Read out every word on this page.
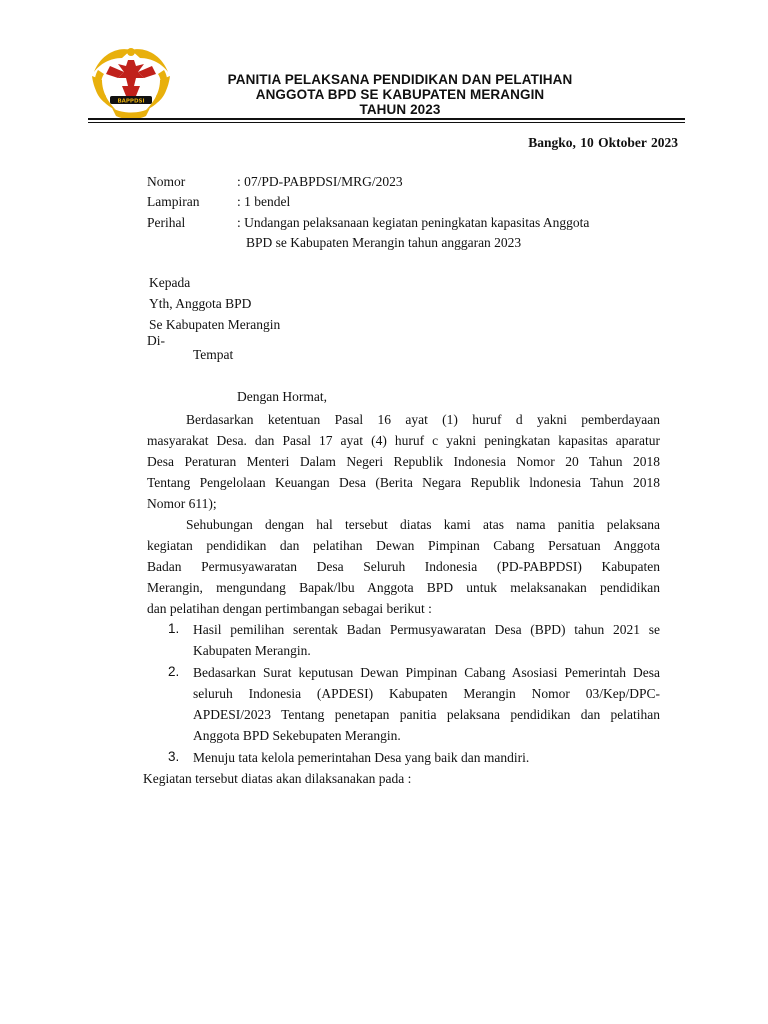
BAPPDSI
PANITIA PELAKSANA PENDIDIKAN DAN PELATIHAN
ANGGOTA BPD SE KABUPATEN MERANGIN
TAHUN 2023
Bangko, 10 Oktober 2023
Nomor	: 07/PD-PABPDSI/MRG/2023
Lampiran	: 1 bendel
Perihal	: Undangan pelaksanaan kegiatan peningkatan kapasitas Anggota
BPD se Kabupaten Merangin tahun anggaran 2023
Kepada
Yth, Anggota BPD
Se Kabupaten Merangin
Di-
Tempat
Dengan Hormat,
Berdasarkan ketentuan Pasal 16 ayat (1) huruf d yakni pemberdayaan
masyarakat Desa. dan Pasal 17 ayat (4) huruf c yakni peningkatan kapasitas aparatur
Desa Peraturan Menteri Dalam Negeri Republik Indonesia Nomor 20 Tahun 2018
Tentang Pengelolaan Keuangan Desa (Berita Negara Republik lndonesia Tahun 2018
Nomor 611);
Sehubungan dengan hal tersebut diatas kami atas nama panitia pelaksana
kegiatan pendidikan dan pelatihan Dewan Pimpinan Cabang Persatuan Anggota
Badan Permusyawaratan Desa Seluruh Indonesia (PD-PABPDSI) Kabupaten
Merangin, mengundang Bapak/lbu Anggota BPD untuk melaksanakan pendidikan
dan pelatihan dengan pertimbangan sebagai berikut :
1. Hasil pemilihan serentak Badan Permusyawaratan Desa (BPD) tahun 2021 se
Kabupaten Merangin.
2. Bedasarkan Surat keputusan Dewan Pimpinan Cabang Asosiasi Pemerintah Desa
seluruh Indonesia (APDESI) Kabupaten Merangin Nomor 03/Kep/DPC-
APDESI/2023 Tentang penetapan panitia pelaksana pendidikan dan pelatihan
Anggota BPD Sekebupaten Merangin.
3. Menuju tata kelola pemerintahan Desa yang baik dan mandiri.
Kegiatan tersebut diatas akan dilaksanakan pada :
